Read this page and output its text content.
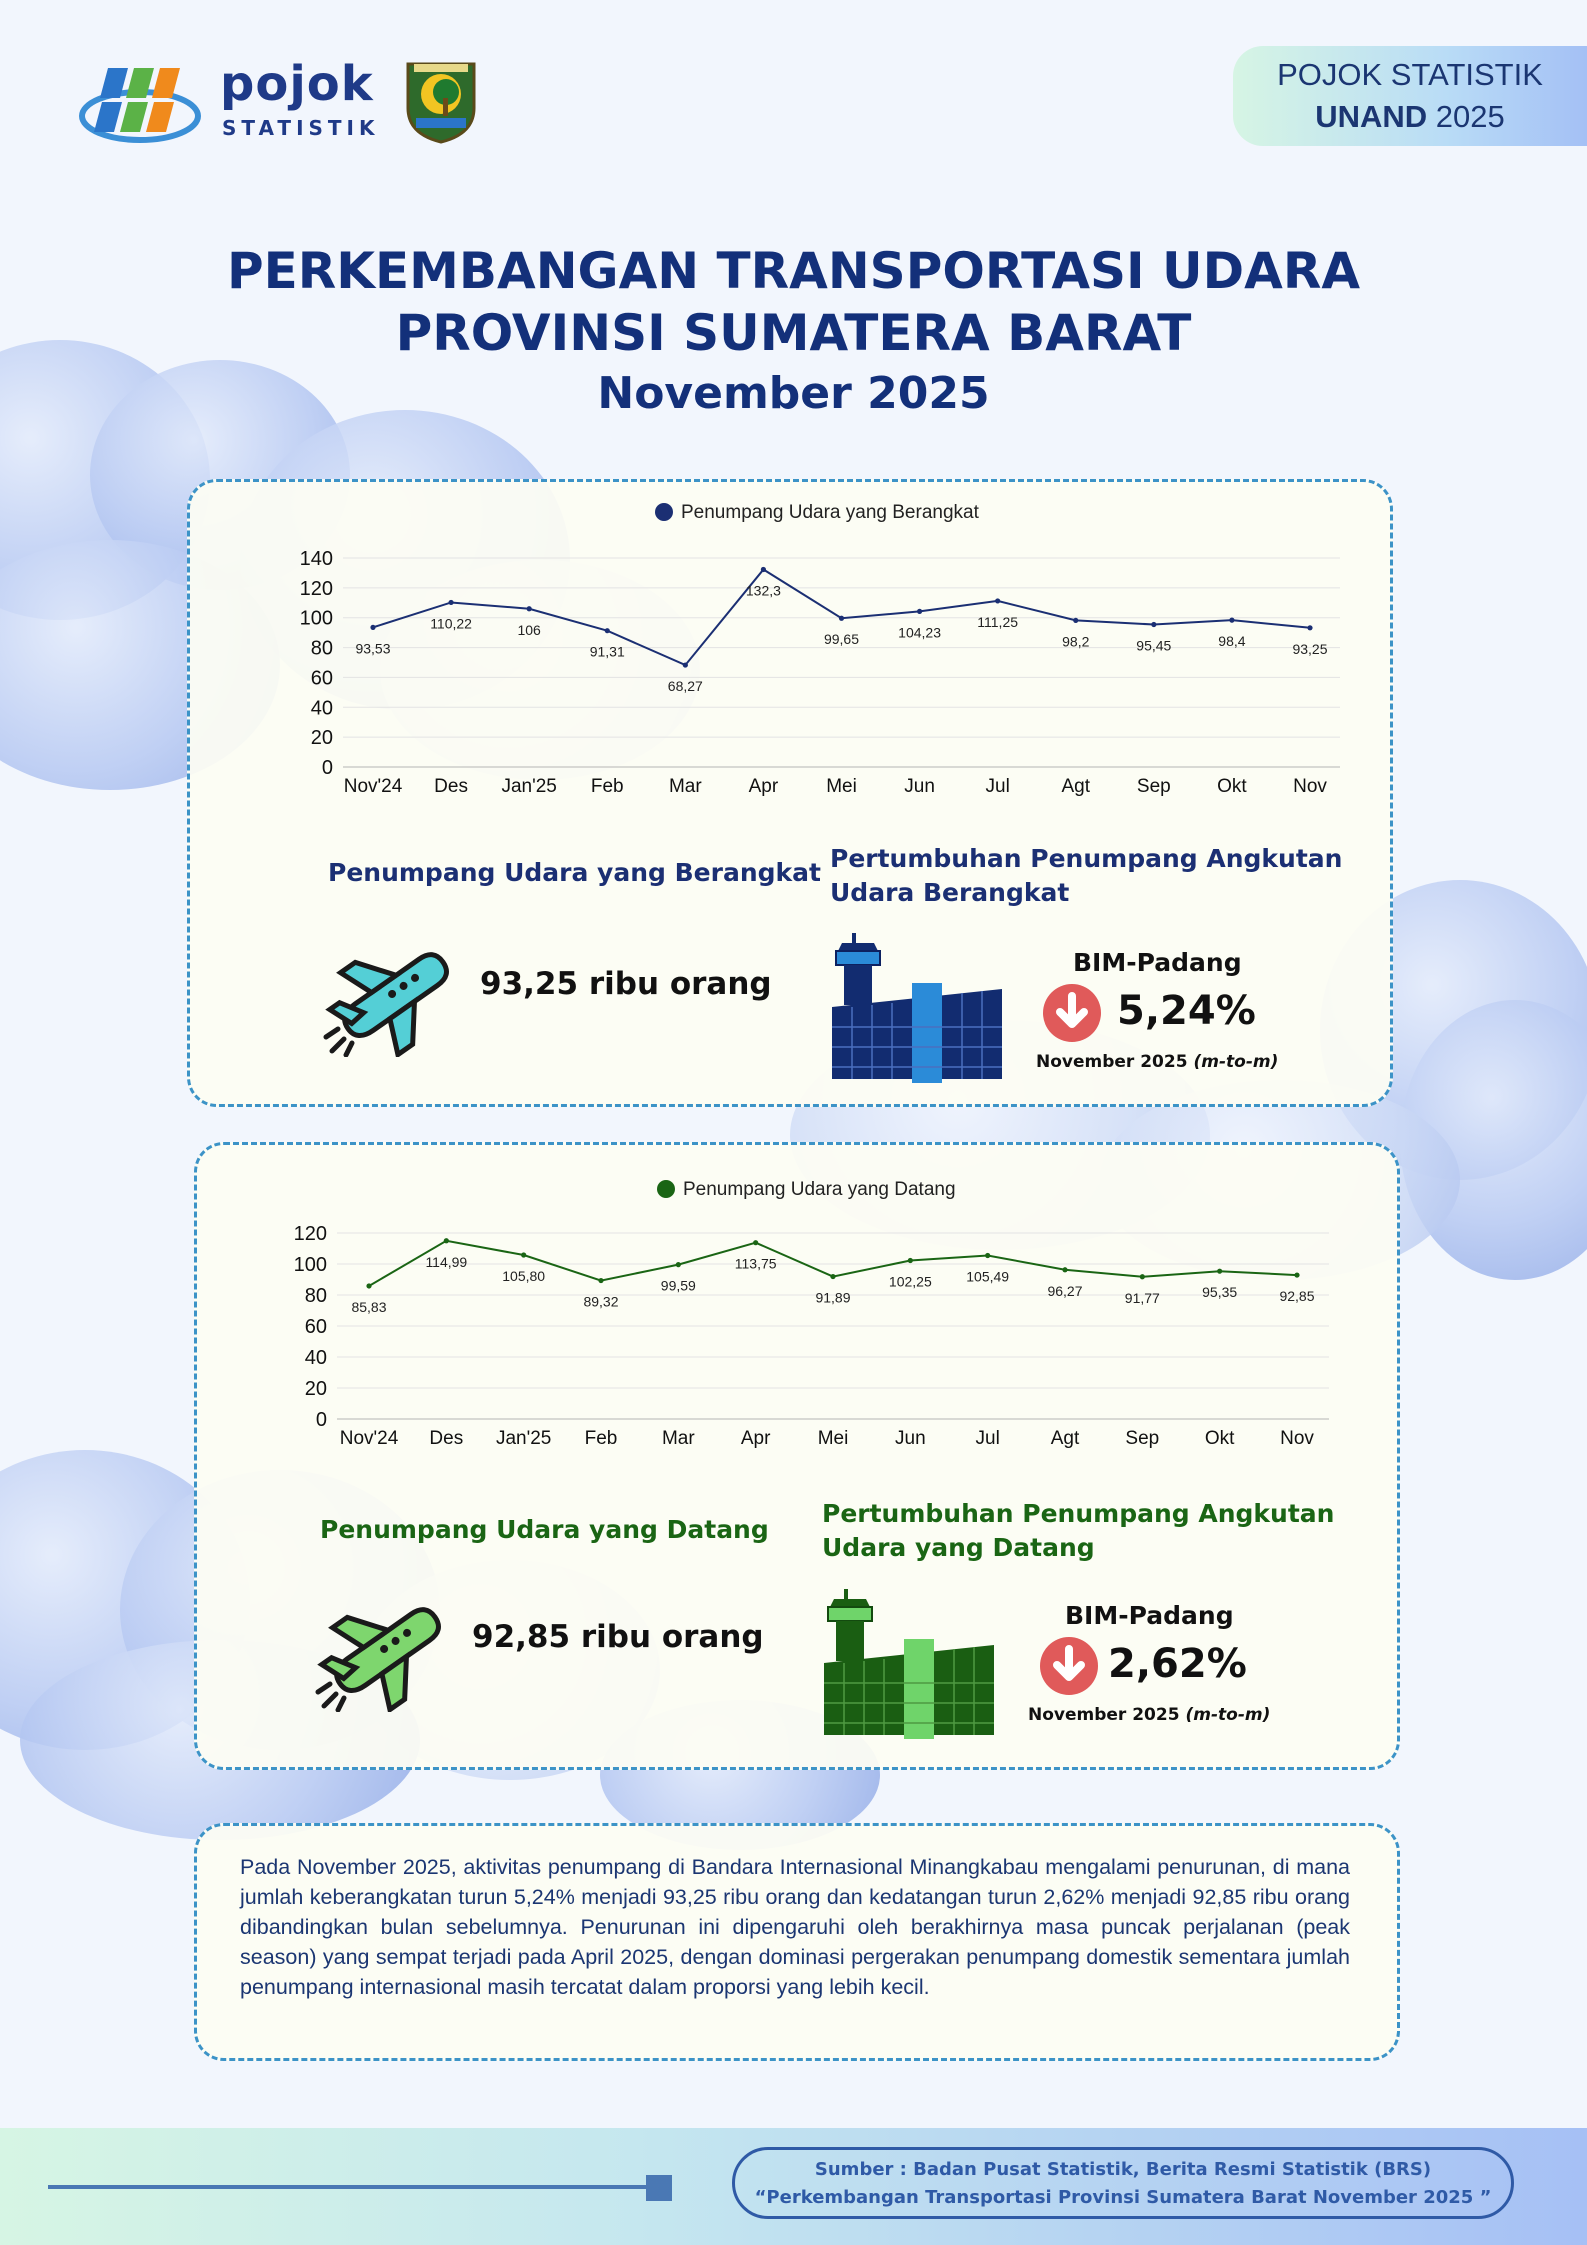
pojok
STATISTIK
POJOK STATISTIK
UNAND 2025
PERKEMBANGAN TRANSPORTASI UDARA
PROVINSI SUMATERA BARAT
November 2025
Penumpang Udara yang Berangkat
0
20
40
60
80
100
120
140
93,53
Nov'24
110,22
Des
106
Jan'25
91,31
Feb
68,27
Mar
132,3
Apr
99,65
Mei
104,23
Jun
111,25
Jul
98,2
Agt
95,45
Sep
98,4
Okt
93,25
Nov
Penumpang Udara yang Berangkat
93,25 ribu orang
Pertumbuhan Penumpang Angkutan
Udara Berangkat
BIM-Padang
5,24%
November 2025 (m-to-m)
Penumpang Udara yang Datang
0
20
40
60
80
100
120
85,83
Nov'24
114,99
Des
105,80
Jan'25
89,32
Feb
99,59
Mar
113,75
Apr
91,89
Mei
102,25
Jun
105,49
Jul
96,27
Agt
91,77
Sep
95,35
Okt
92,85
Nov
Penumpang Udara yang Datang
92,85 ribu orang
Pertumbuhan Penumpang Angkutan
Udara yang Datang
BIM-Padang
2,62%
November 2025 (m-to-m)
Pada November 2025, aktivitas penumpang di Bandara Internasional Minangkabau mengalami penurunan, di mana jumlah keberangkatan turun 5,24% menjadi 93,25 ribu orang dan kedatangan turun 2,62% menjadi 92,85 ribu orang dibandingkan bulan sebelumnya. Penurunan ini dipengaruhi oleh berakhirnya masa puncak perjalanan (peak season) yang sempat terjadi pada April 2025, dengan dominasi pergerakan penumpang domestik sementara jumlah penumpang internasional masih tercatat dalam proporsi yang lebih kecil.
Sumber : Badan Pusat Statistik, Berita Resmi Statistik (BRS)
“Perkembangan Transportasi Provinsi Sumatera Barat November 2025 ”
